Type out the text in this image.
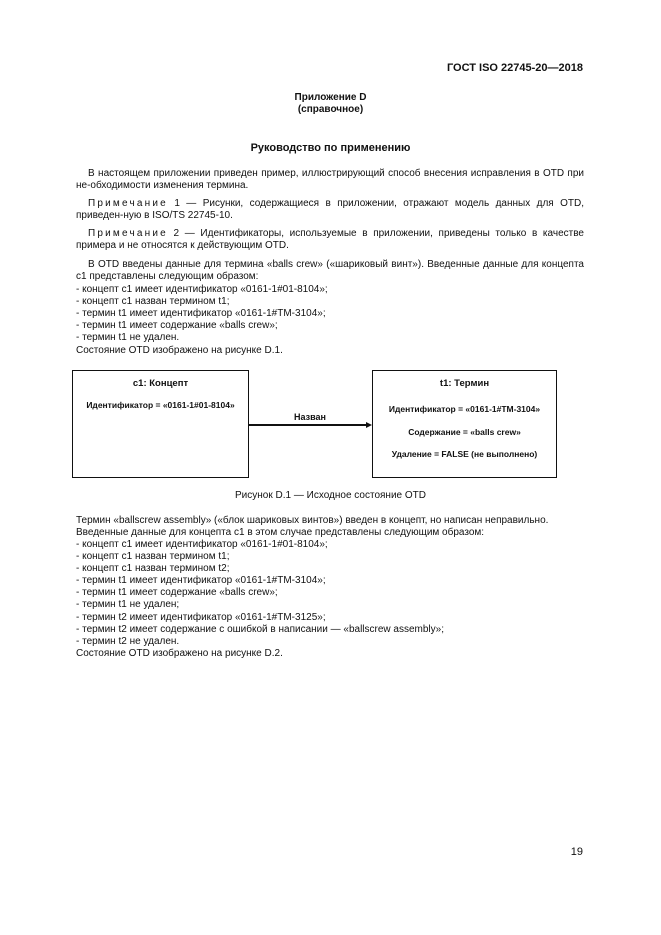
ГОСТ ISO 22745-20—2018
Приложение D
(справочное)
Руководство по применению
В настоящем приложении приведен пример, иллюстрирующий способ внесения исправления в OTD при не-обходимости изменения термина.
Примечание 1 — Рисунки, содержащиеся в приложении, отражают модель данных для OTD, приведен-ную в ISO/TS 22745-10.
Примечание 2 — Идентификаторы, используемые в приложении, приведены только в качестве примера и не относятся к действующим OTD.
В OTD введены данные для термина «balls crew» («шариковый винт»). Введенные данные для концепта с1 представлены следующим образом:
- концепт с1 имеет идентификатор «0161-1#01-8104»;
- концепт с1 назван термином t1;
- термин t1 имеет идентификатор «0161-1#TM-3104»;
- термин t1 имеет содержание «balls crew»;
- термин t1 не удален.
Состояние OTD изображено на рисунке D.1.
c1: Концепт
Идентификатор = «0161-1#01-8104»
Назван
t1: Термин
Идентификатор = «0161-1#TM-3104»
Содержание = «balls crew»
Удаление = FALSE (не выполнено)
Рисунок D.1 — Исходное состояние OTD
Термин «ballscrew assembly» («блок шариковых винтов») введен в концепт, но написан неправильно.
Введенные данные для концепта с1 в этом случае представлены следующим образом:
- концепт с1 имеет идентификатор «0161-1#01-8104»;
- концепт с1 назван термином t1;
- концепт с1 назван термином t2;
- термин t1 имеет идентификатор «0161-1#TM-3104»;
- термин t1 имеет содержание «balls crew»;
- термин t1 не удален;
- термин t2 имеет идентификатор «0161-1#TM-3125»;
- термин t2 имеет содержание с ошибкой в написании — «ballscrew assembly»;
- термин t2 не удален.
Состояние OTD изображено на рисунке D.2.
19
